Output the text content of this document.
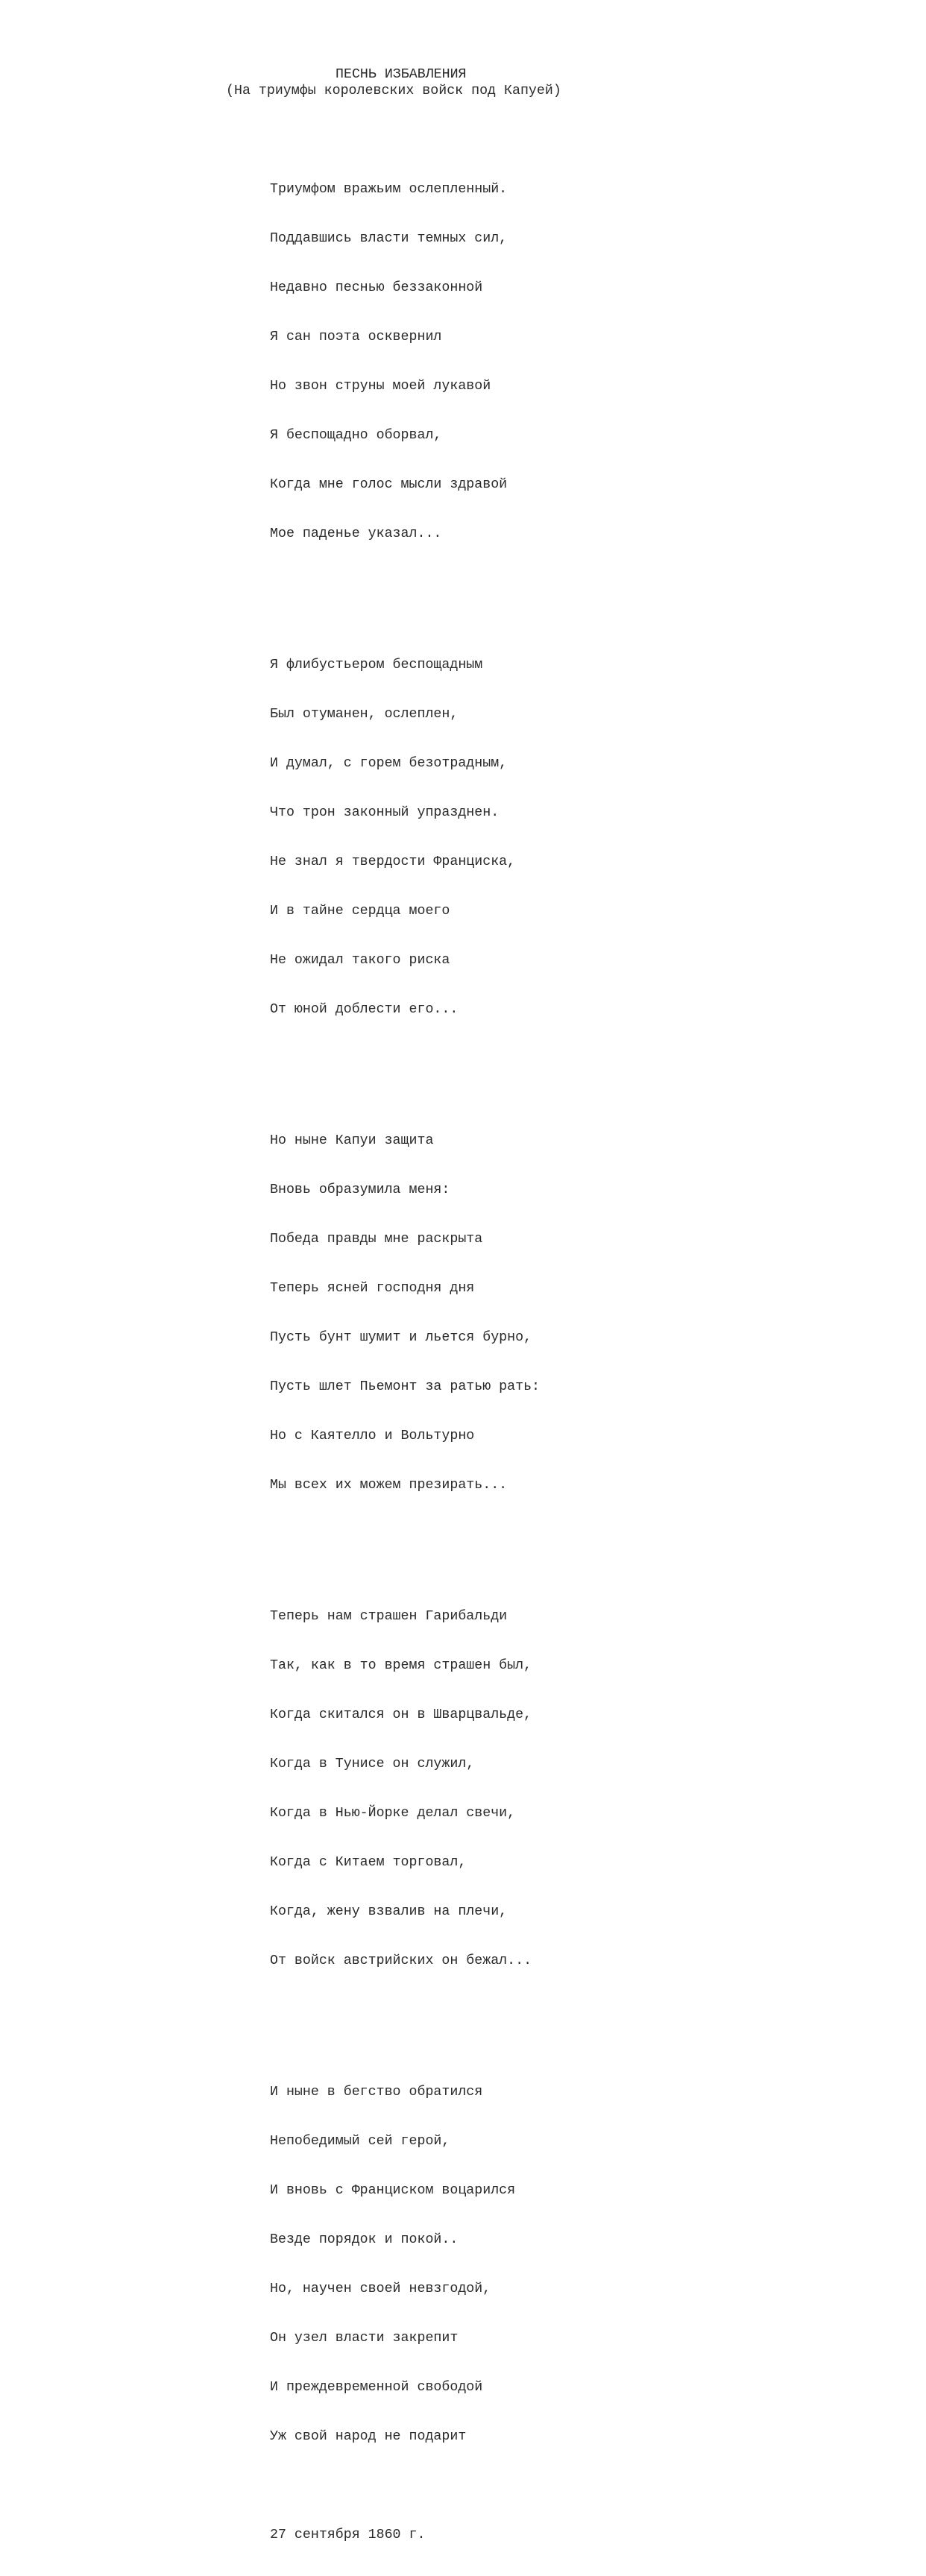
ПЕСНЬ ИЗБАВЛЕНИЯ
(На триумфы королевских войск под Капуей)

Триумфом вражьим ослепленный.

Поддавшись власти темных сил,

Недавно песнью беззаконной

Я сан поэта осквернил

Но звон струны моей лукавой

Я беспощадно оборвал,

Когда мне голос мысли здравой

Мое паденье указал...

Я флибустьером беспощадным

Был отуманен, ослеплен,

И думал, с горем безотрадным,

Что трон законный упразднен.

Не знал я твердости Франциска,

И в тайне сердца моего

Не ожидал такого риска

От юной доблести его...

Но ныне Капуи защита

Вновь образумила меня:

Победа правды мне раскрыта

Теперь ясней господня дня

Пусть бунт шумит и льется бурно,

Пусть шлет Пьемонт за ратью рать:

Но с Каятелло и Вольтурно

Мы всех их можем презирать...

Теперь нам страшен Гарибальди

Так, как в то время страшен был,

Когда скитался он в Шварцвальде,

Когда в Тунисе он служил,

Когда в Нью-Йорке делал свечи,

Когда с Китаем торговал,

Когда, жену взвалив на плечи,

От войск австрийских он бежал...

И ныне в бегство обратился

Непобедимый сей герой,

И вновь с Франциском воцарился

Везде порядок и покой..

Но, научен своей невзгодой,

Он узел власти закрепит

И преждевременной свободой

Уж свой народ не подарит

27 сентября 1860 г.
